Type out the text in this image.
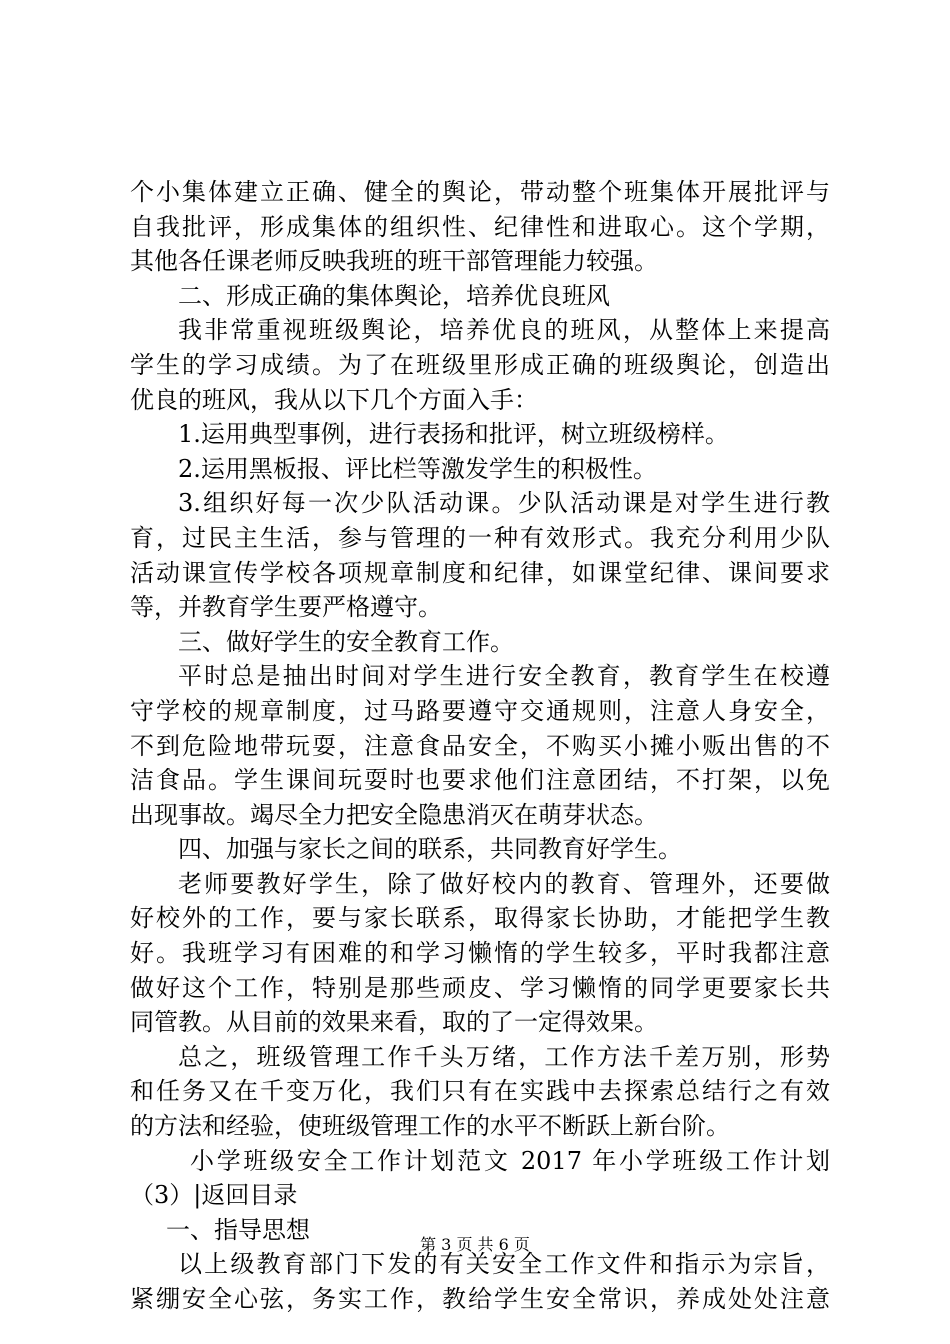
个小集体建立正确、健全的舆论，带动整个班集体开展批评与
自我批评，形成集体的组织性、纪律性和进取心。这个学期，
其他各任课老师反映我班的班干部管理能力较强。
二、形成正确的集体舆论，培养优良班风
我非常重视班级舆论，培养优良的班风，从整体上来提高
学生的学习成绩。为了在班级里形成正确的班级舆论，创造出
优良的班风，我从以下几个方面入手：
1.运用典型事例，进行表扬和批评，树立班级榜样。
2.运用黑板报、评比栏等激发学生的积极性。
3.组织好每一次少队活动课。少队活动课是对学生进行教
育，过民主生活，参与管理的一种有效形式。我充分利用少队
活动课宣传学校各项规章制度和纪律，如课堂纪律、课间要求
等，并教育学生要严格遵守。
三、做好学生的安全教育工作。
平时总是抽出时间对学生进行安全教育，教育学生在校遵
守学校的规章制度，过马路要遵守交通规则，注意人身安全，
不到危险地带玩耍，注意食品安全，不购买小摊小贩出售的不
洁食品。学生课间玩耍时也要求他们注意团结，不打架，以免
出现事故。竭尽全力把安全隐患消灭在萌芽状态。
四、加强与家长之间的联系，共同教育好学生。
老师要教好学生，除了做好校内的教育、管理外，还要做
好校外的工作，要与家长联系，取得家长协助，才能把学生教
好。我班学习有困难的和学习懒惰的学生较多，平时我都注意
做好这个工作，特别是那些顽皮、学习懒惰的同学更要家长共
同管教。从目前的效果来看，取的了一定得效果。
总之，班级管理工作千头万绪，工作方法千差万别，形势
和任务又在千变万化，我们只有在实践中去探索总结行之有效
的方法和经验，使班级管理工作的水平不断跃上新台阶。
小学班级安全工作计划范文 2017 年小学班级工作计划
（3）|返回目录
一、指导思想
以上级教育部门下发的有关安全工作文件和指示为宗旨，
紧绷安全心弦，务实工作，教给学生安全常识，养成处处注意
第 3 页 共 6 页
